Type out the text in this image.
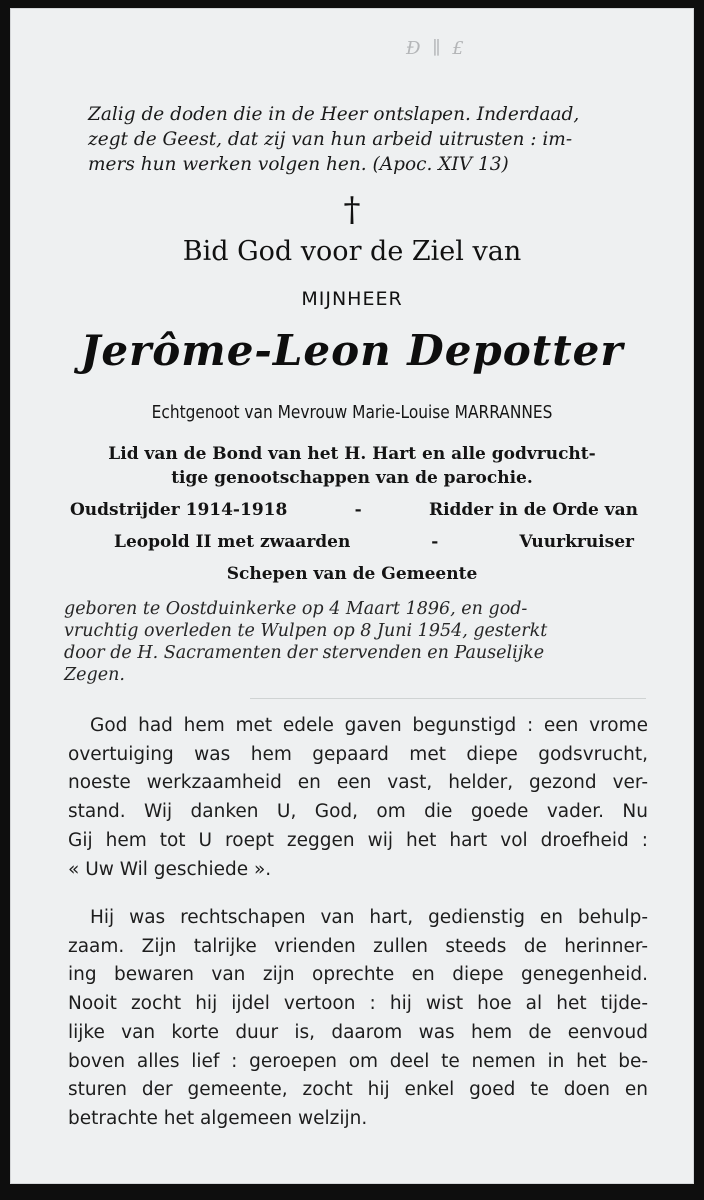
Ð ∥ £

Zalig de doden die in de Heer ontslapen. Inderdaad,
zegt de Geest, dat zij van hun arbeid uitrusten : im-
mers hun werken volgen hen. (Apoc. XIV 13)

†
Bid God voor de Ziel van
MIJNHEER
Jerôme-Leon Depotter
Echtgenoot van Mevrouw Marie-Louise MARRANNES

Lid van de Bond van het H. Hart en alle godvrucht-
tige genootschappen van de parochie.

Oudstrijder 1914-1918	-	Ridder in de Orde van
Leopold II met zwaarden	-	Vuurkruiser
Schepen van de Gemeente

geboren te Oostduinkerke op 4 Maart 1896, en god-
vruchtig overleden te Wulpen op 8 Juni 1954, gesterkt
door de H. Sacramenten der stervenden en Pauselijke
Zegen.

God had hem met edele gaven begunstigd : een vrome
overtuiging was hem gepaard met diepe godsvrucht,
noeste werkzaamheid en een vast, helder, gezond ver-
stand. Wij danken U, God, om die goede vader. Nu
Gij hem tot U roept zeggen wij het hart vol droefheid :
« Uw Wil geschiede ».

Hij was rechtschapen van hart, gedienstig en behulp-
zaam. Zijn talrijke vrienden zullen steeds de herinner-
ing bewaren van zijn oprechte en diepe genegenheid.
Nooit zocht hij ijdel vertoon : hij wist hoe al het tijde-
lijke van korte duur is, daarom was hem de eenvoud
boven alles lief : geroepen om deel te nemen in het be-
sturen der gemeente, zocht hij enkel goed te doen en
betrachte het algemeen welzijn.
